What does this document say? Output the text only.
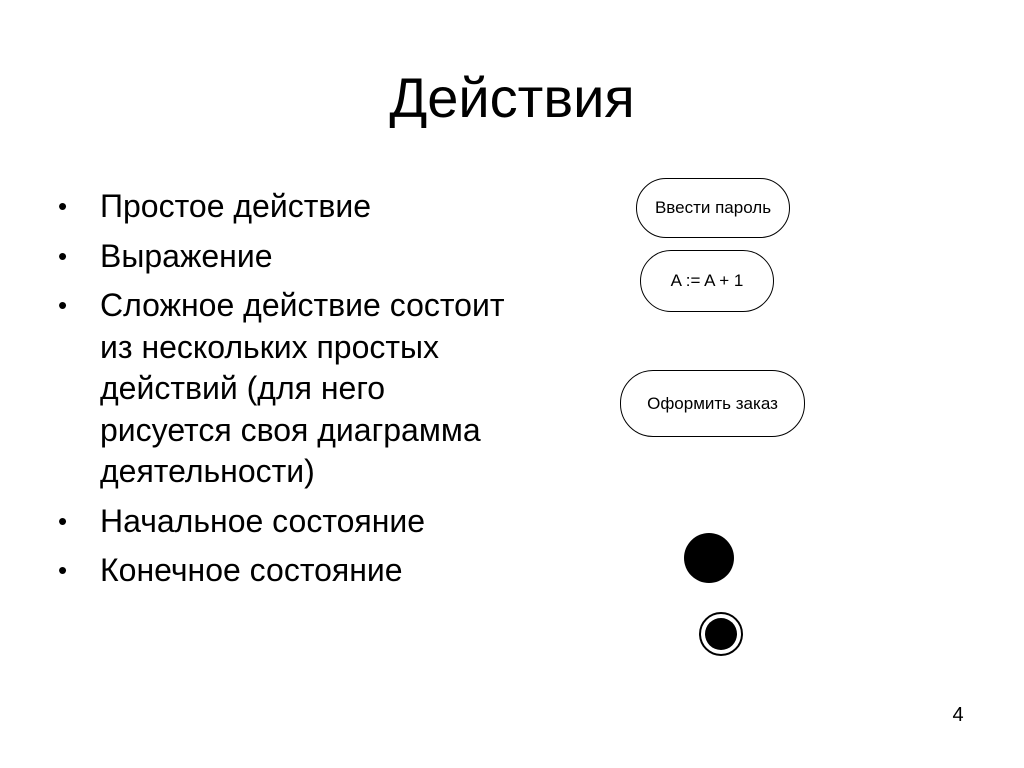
Действия
• Простое действие
• Выражение
• Сложное действие состоит из нескольких простых действий (для него рисуется своя диаграмма деятельности)
• Начальное состояние
• Конечное состояние
Ввести пароль
A := A + 1
Оформить заказ
4
